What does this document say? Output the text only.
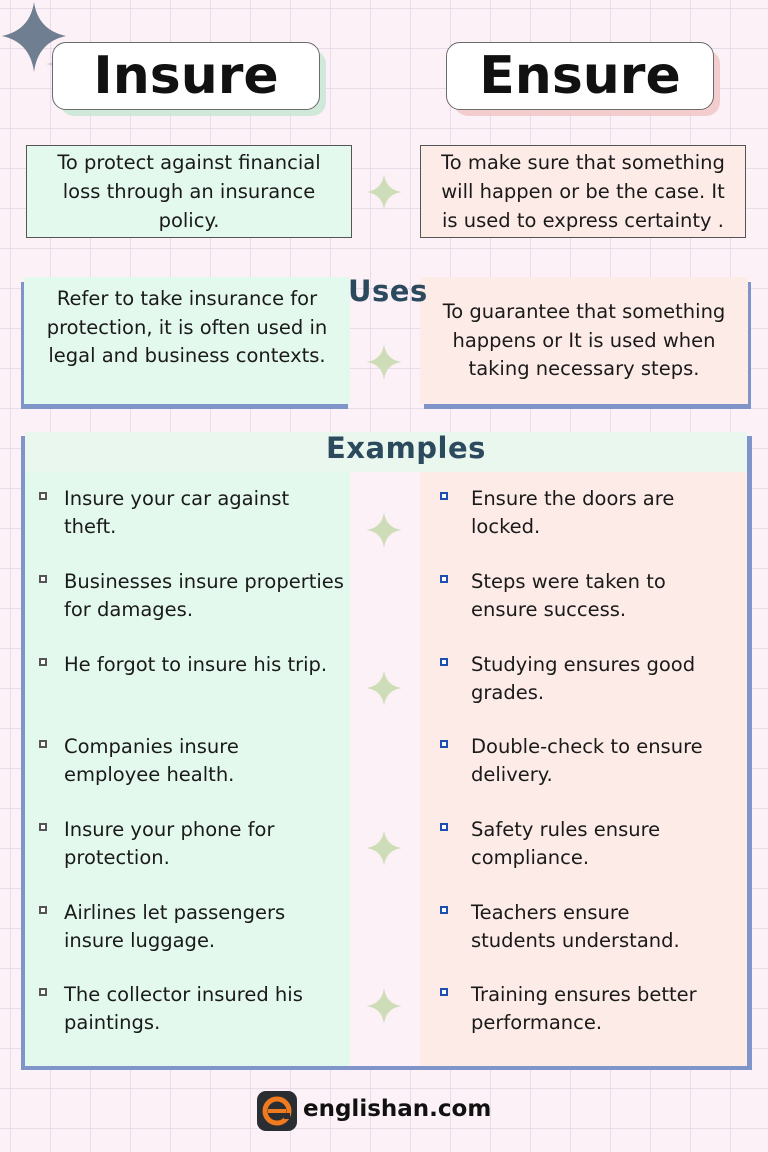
Insure	Ensure
To protect against financial loss through an insurance policy.
To make sure that something will happen or be the case. It is used to express certainty .
Refer to take insurance for protection, it is often used in legal and business contexts.
To guarantee that something happens or It is used when taking necessary steps.
Uses
Examples
Insure your car against theft.
Businesses insure properties for damages.
He forgot to insure his trip.
Companies insure employee health.
Insure your phone for protection.
Airlines let passengers insure luggage.
The collector insured his paintings.
Ensure the doors are locked.
Steps were taken to ensure success.
Studying ensures good grades.
Double-check to ensure delivery.
Safety rules ensure compliance.
Teachers ensure students understand.
Training ensures better performance.
englishan.com
